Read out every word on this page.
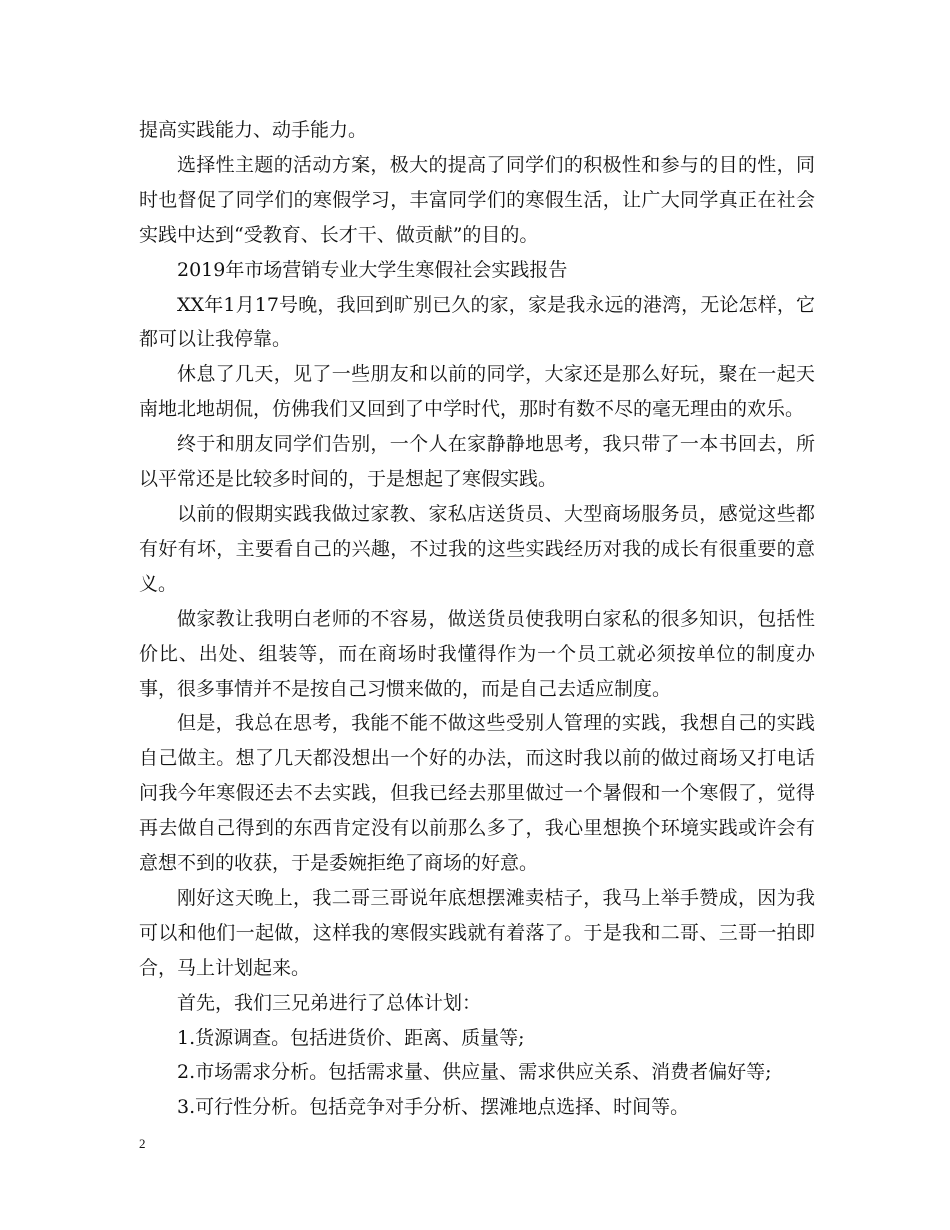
提高实践能力、动手能力。

选择性主题的活动方案，极大的提高了同学们的积极性和参与的目的性，同时也督促了同学们的寒假学习，丰富同学们的寒假生活，让广大同学真正在社会实践中达到“受教育、长才干、做贡献”的目的。

2019年市场营销专业大学生寒假社会实践报告

XX年1月17号晚，我回到旷别已久的家，家是我永远的港湾，无论怎样，它都可以让我停靠。

休息了几天，见了一些朋友和以前的同学，大家还是那么好玩，聚在一起天南地北地胡侃，仿佛我们又回到了中学时代，那时有数不尽的毫无理由的欢乐。

终于和朋友同学们告别，一个人在家静静地思考，我只带了一本书回去，所以平常还是比较多时间的，于是想起了寒假实践。

以前的假期实践我做过家教、家私店送货员、大型商场服务员，感觉这些都有好有坏，主要看自己的兴趣，不过我的这些实践经历对我的成长有很重要的意义。

做家教让我明白老师的不容易，做送货员使我明白家私的很多知识，包括性价比、出处、组装等，而在商场时我懂得作为一个员工就必须按单位的制度办事，很多事情并不是按自己习惯来做的，而是自己去适应制度。

但是，我总在思考，我能不能不做这些受别人管理的实践，我想自己的实践自己做主。想了几天都没想出一个好的办法，而这时我以前的做过商场又打电话问我今年寒假还去不去实践，但我已经去那里做过一个暑假和一个寒假了，觉得再去做自己得到的东西肯定没有以前那么多了，我心里想换个环境实践或许会有意想不到的收获，于是委婉拒绝了商场的好意。

刚好这天晚上，我二哥三哥说年底想摆滩卖桔子，我马上举手赞成，因为我可以和他们一起做，这样我的寒假实践就有着落了。于是我和二哥、三哥一拍即合，马上计划起来。

首先，我们三兄弟进行了总体计划：

1.货源调查。包括进货价、距离、质量等;

2.市场需求分析。包括需求量、供应量、需求供应关系、消费者偏好等;

3.可行性分析。包括竞争对手分析、摆滩地点选择、时间等。

2
